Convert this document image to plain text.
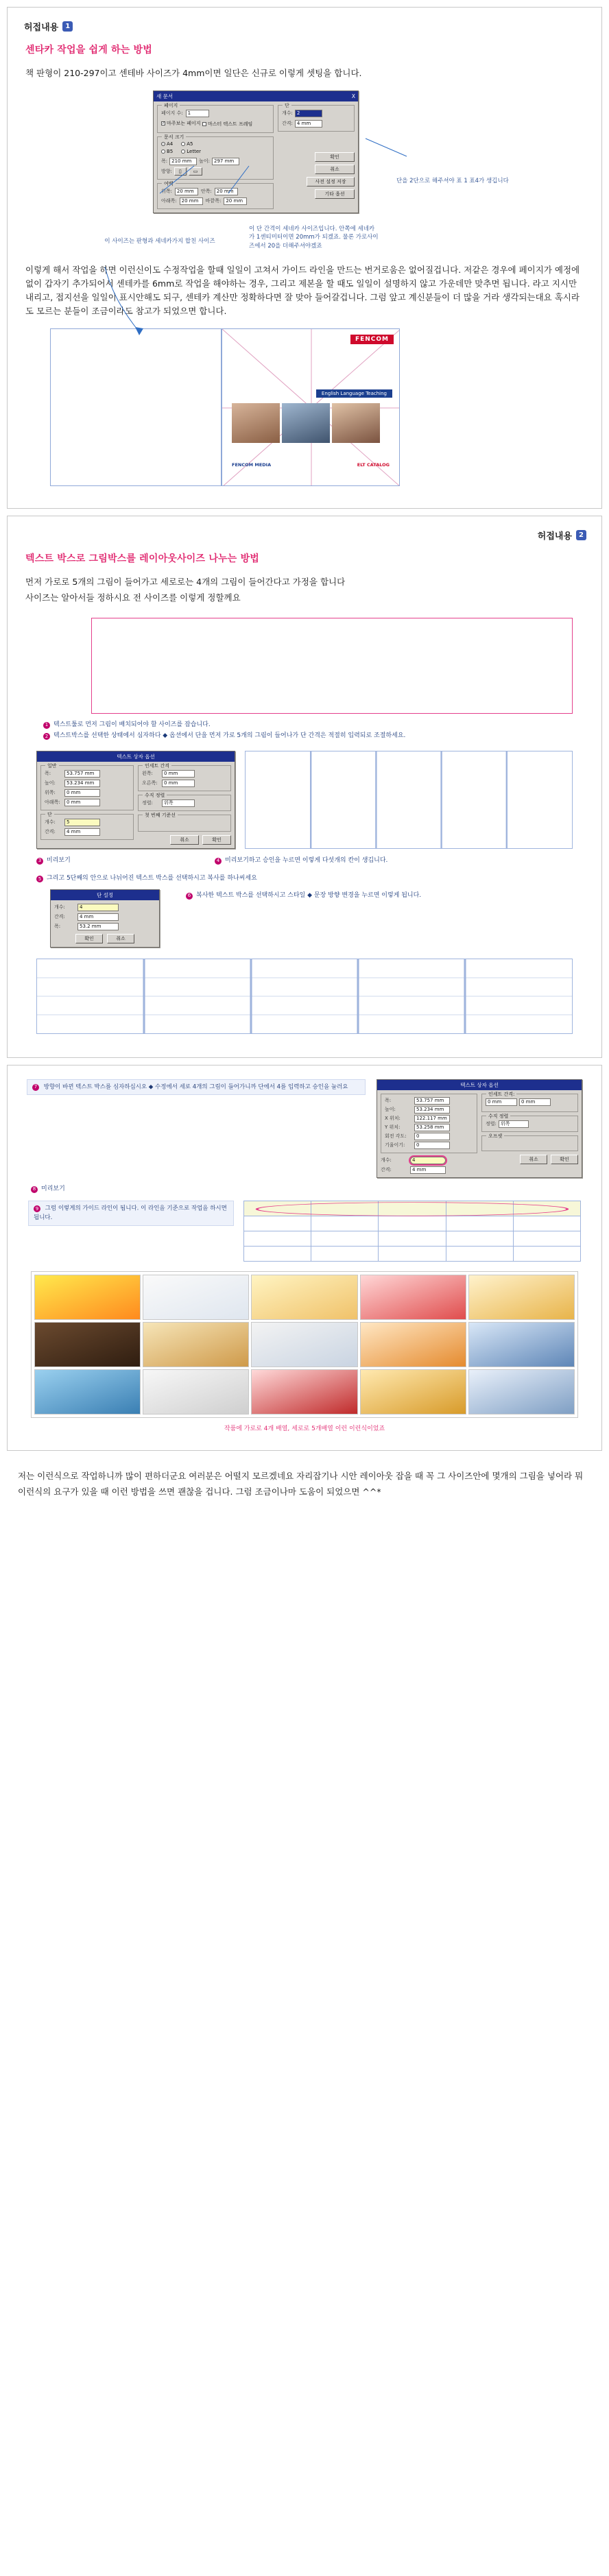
허접내용	1
센타카 작업을 쉽게 하는 방법
책 판형이 210-297이고 센테바 사이즈가 4mm이면 일단은 신규로 이렇게 셋팅을 합니다.
새 문서	X
페이지
페이지 수:	1
✓
마주보는 페이지
마스터 텍스트 프레임
문서 크기
A4	A5
B5	Letter
폭: 210 mm	높이: 297 mm
방향:	▯	▭
여백
위쪽:	20 mm	안쪽:	20 mm
아래쪽:	20 mm	바깥쪽:	20 mm
단
개수: 2
간격: 4 mm
확인
취소
사전 설정 저장
기타 옵션
이 사이즈는 판형과 세네카가지 합친 사이즈
이 단 간격이 세네카 사이즈입니다. 안쪽에 세네카가 1센티미터이면 20mm가 되겠죠. 물론 가로사이즈에서 20을 더해주셔야겠죠
단을 2단으로 해주셔야 표 1 표4가 생깁니다
이렇게 해서 작업을 하면 이런신이도 수정작업을 할때 일일이 고쳐서 가이드 라인을 만드는 번거로움은 없어질겁니다. 저같은 경우에 페이지가 예정에 없이 갑자기 추가되어서 센테카를 6mm로 작업을 해야하는 경우, 그리고 제본을 할 때도 일일이 설명하지 않고 가운데만 맞추면 됩니다. 라고 지시만 내리고, 접지선을 일일이 표시안해도 되구, 센테카 계산만 정확하다면 잘 맞아 들어갈겁니다. 그럼 앞고 계신분들이 더 많을 거라 생각되는대요 혹시라도 모르는 분들이 조금이라도 참고가 되었으면 합니다.
FENCOM
English Language Teaching
FENCOM MEDIA	ELT CATALOG
허접내용	2
텍스트 박스로 그림박스를 레이아웃사이즈 나누는 방법
먼저 가로로 5개의 그림이 들어가고 세로로는 4개의 그림이 들어간다고 가정을 합니다
사이즈는 알아서들 정하시요 전 사이즈를 이렇게 정할께요
1 텍스트툴로 먼저 그림이 배치되어야 할 사이즈를 잡습니다.
2 텍스트박스를 선택한 상태에서 심자하다 ◆ 옵션에서 단을 먼저 가로 5개의 그림이 들어나가 단 간격은 적절히 입력되로 조절하세요.
텍스트 상자 옵션
일반
폭:	53.757 mm
높이:	53.234 mm
위쪽:	0 mm
아래쪽:	0 mm
단
개수:	5
간격:	4 mm
인세트 간격
왼쪽:	0 mm
오른쪽:	0 mm
수직 정렬
정렬:	위쪽
첫 번째 기준선
취소	확인
3 미리보기	4 미리보기하고 승인을 누르면 이렇게 다섯개의 칸이 생깁니다.
5 그리고 5단째의 안으로 나뉘어진 텍스트 박스를 선택하시고 복사를 하나씨세요
단 설정
개수:	4
간격:	4 mm
폭:	53.2 mm
확인	취소
6 복사한 텍스트 박스를 선택하시고 스타일 ◆ 문장 방향 변경을 누르면 이렇게 됩니다.
7 방향이 바뀐 텍스트 박스를 심자하십시오 ◆ 수정에서 세로 4개의 그림이 들어가니까 단에서 4를 입력하고 승인을 눌러요	텍스트 상자 옵션
폭:	53.757 mm
높이:	53.234 mm
X 위치:	122.117 mm
Y 위치:	53.258 mm
회전 각도:	0
기울이기:	0
개수:	4
간격:	4 mm
인세트 간격:
0 mm	0 mm
수직 정렬
정렬: 위쪽
오프셋
취소	확인
8 미리보기
9 그럼 이렇게의 가이드 라인이 됩니다. 이 라인을 기준으로 작업을 하시면 됩니다.

작품에 가로로 4개 배열, 세로로 5개배열 이런 이런식이었죠
저는 이런식으로 작업하니까 많이 편하더군요 여러분은 어떨지 모르겠네요 자리잡기나 시안 레이아웃 잡을 때 꼭 그 사이즈안에 몇개의 그림을 넣어라 뭐 이런식의 요구가 있을 때 이런 방법을 쓰면 괜찮을 겁니다. 그럼 조금이나마 도움이 되었으면 ^^*
